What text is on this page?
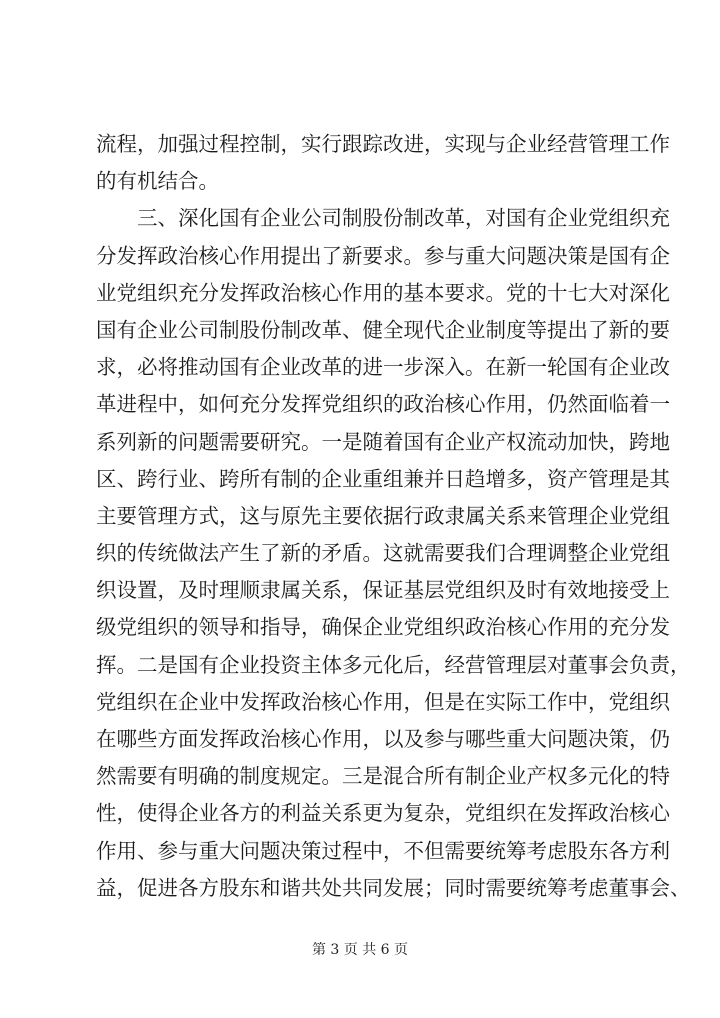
流程，加强过程控制，实行跟踪改进，实现与企业经营管理工作
的有机结合。
三、深化国有企业公司制股份制改革，对国有企业党组织充
分发挥政治核心作用提出了新要求。参与重大问题决策是国有企
业党组织充分发挥政治核心作用的基本要求。党的十七大对深化
国有企业公司制股份制改革、健全现代企业制度等提出了新的要
求，必将推动国有企业改革的进一步深入。在新一轮国有企业改
革进程中，如何充分发挥党组织的政治核心作用，仍然面临着一
系列新的问题需要研究。一是随着国有企业产权流动加快，跨地
区、跨行业、跨所有制的企业重组兼并日趋增多，资产管理是其
主要管理方式，这与原先主要依据行政隶属关系来管理企业党组
织的传统做法产生了新的矛盾。这就需要我们合理调整企业党组
织设置，及时理顺隶属关系，保证基层党组织及时有效地接受上
级党组织的领导和指导，确保企业党组织政治核心作用的充分发
挥。二是国有企业投资主体多元化后，经营管理层对董事会负责，
党组织在企业中发挥政治核心作用，但是在实际工作中，党组织
在哪些方面发挥政治核心作用，以及参与哪些重大问题决策，仍
然需要有明确的制度规定。三是混合所有制企业产权多元化的特
性，使得企业各方的利益关系更为复杂，党组织在发挥政治核心
作用、参与重大问题决策过程中，不但需要统筹考虑股东各方利
益，促进各方股东和谐共处共同发展；同时需要统筹考虑董事会、
第 3 页 共 6 页
